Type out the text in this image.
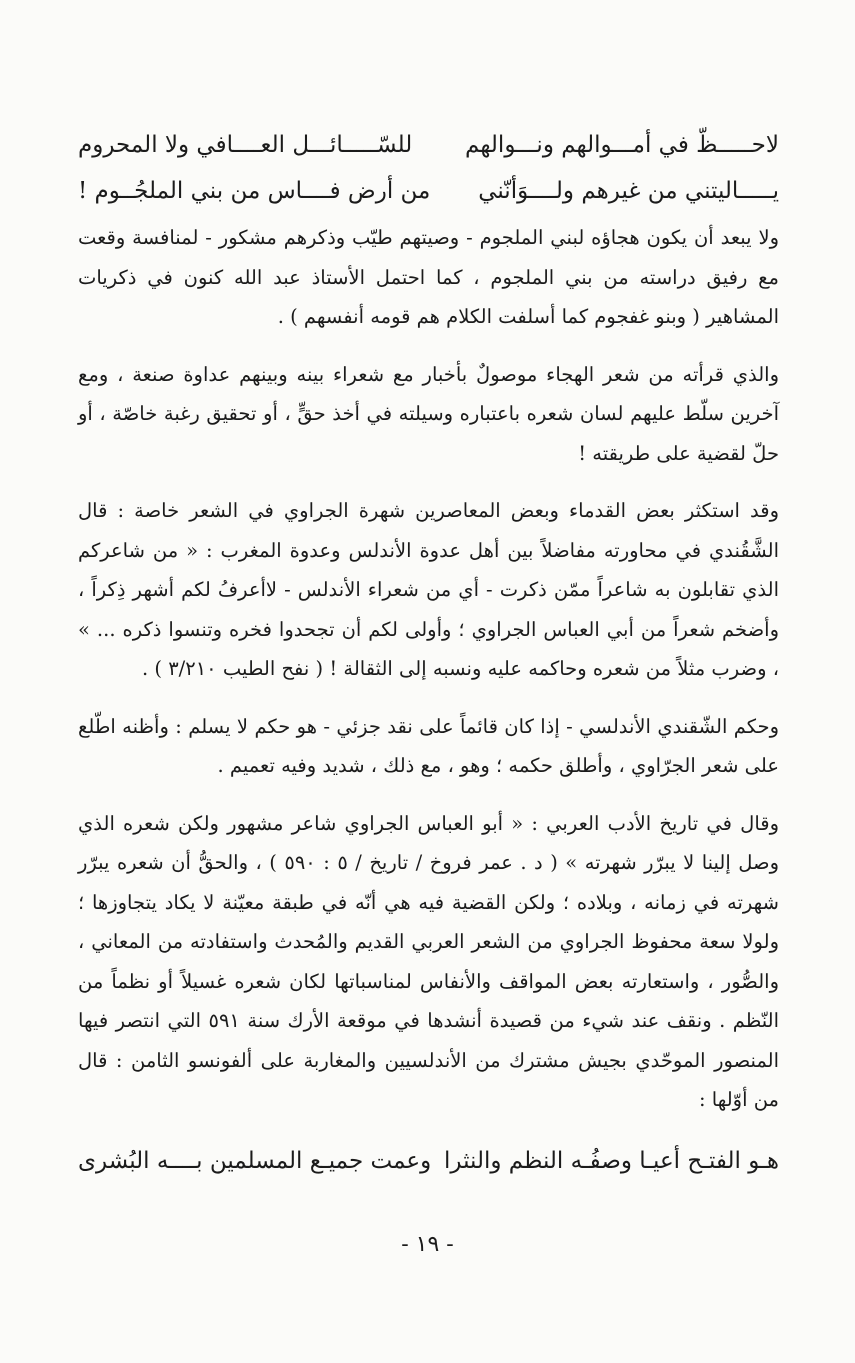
لاحـــــظّ في أمـــوالهم ونـــوالهم
للسّـــــائـــل العــــافي ولا المحروم
يـــــاليتني من غيرهم ولــــوَأنّني
من أرض فــــاس من بني الملجُــوم !

ولا يبعد أن يكون هجاؤه لبني الملجوم - وصيتهم طيّب وذكرهم مشكور - لمنافسة وقعت مع رفيق دراسته من بني الملجوم ، كما احتمل الأستاذ عبد الله كنون في ذكريات المشاهير ( وبنو غفجوم كما أسلفت الكلام هم قومه أنفسهم ) .

والذي قرأته من شعر الهجاء موصولٌ بأخبار مع شعراء بينه وبينهم عداوة صنعة ، ومع آخرين سلّط عليهم لسان شعره باعتباره وسيلته في أخذ حقٍّ ، أو تحقيق رغبة خاصّة ، أو حلّ لقضية على طريقته !

وقد استكثر بعض القدماء وبعض المعاصرين شهرة الجراوي في الشعر خاصة : قال الشَّقُندي في محاورته مفاضلاً بين أهل عدوة الأندلس وعدوة المغرب : « من شاعركم الذي تقابلون به شاعراً ممّن ذكرت - أي من شعراء الأندلس - لاأعرفُ لكم أشهر ذِكراً ، وأضخم شعراً من أبي العباس الجراوي ؛ وأولى لكم أن تجحدوا فخره وتنسوا ذكره ... » ، وضرب مثلاً من شعره وحاكمه عليه ونسبه إلى الثقالة ! ( نفح الطيب ٣/٢١٠ ) .

وحكم الشّقندي الأندلسي - إذا كان قائماً على نقد جزئي - هو حكم لا يسلم : وأظنه اطّلع على شعر الجرّاوي ، وأطلق حكمه ؛ وهو ، مع ذلك ، شديد وفيه تعميم .

وقال في تاريخ الأدب العربي : « أبو العباس الجراوي شاعر مشهور ولكن شعره الذي وصل إلينا لا يبرّر شهرته » ( د . عمر فروخ / تاريخ / ٥ : ٥٩٠ ) ، والحقُّ أن شعره يبرّر شهرته في زمانه ، وبلاده ؛ ولكن القضية فيه هي أنّه في طبقة معيّنة لا يكاد يتجاوزها ؛ ولولا سعة محفوظ الجراوي من الشعر العربي القديم والمُحدث واستفادته من المعاني ، والصُّور ، واستعارته بعض المواقف والأنفاس لمناسباتها لكان شعره غسيلاً أو نظماً من النّظم . ونقف عند شيء من قصيدة أنشدها في موقعة الأرك سنة ٥٩١ التي انتصر فيها المنصور الموحّدي بجيش مشترك من الأندلسيين والمغاربة على ألفونسو الثامن : قال من أوّلها :

هـو الفتـح أعيـا وصفُـه النظم والنثرا
وعمت جميـع المسلمين بــــه البُشرى
- ١٩ -
